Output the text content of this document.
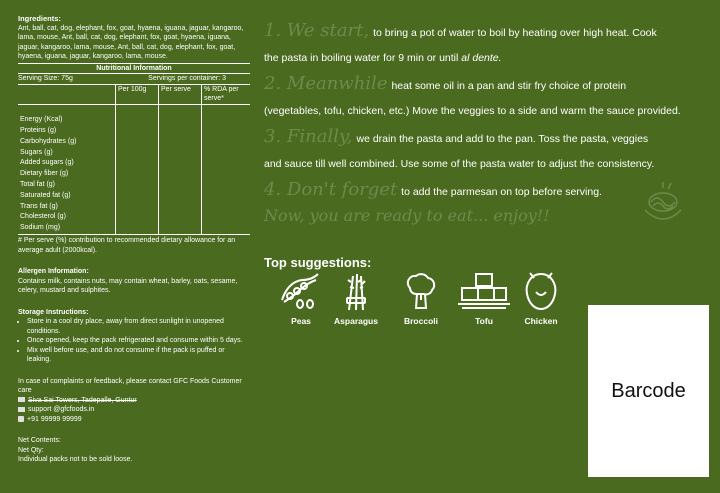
Ingredients:

Ant, ball, cat, dog, elephant, fox, goat, hyaena, iguana, jaguar, kangaroo, lama, mouse, Ant, ball, cat, dog, elephant, fox, goat, hyaena, iguana, jaguar, kangaroo, lama, mouse, Ant, ball, cat, dog, elephant, fox, goat, hyaena, iguana, jaguar, kangaroo, lama, mouse.

Nutritional Information
Serving Size: 75g	Servings per container: 3
	Per 100g	Per serve	% RDA per serve*

Energy (Kcal)			
Proteins (g)			
Carbohydrates (g)			
Sugars (g)			
Added sugars (g)			
Dietary fiber (g)			
Total fat (g)			
Saturated fat (g)			
Trans fat (g)			
Cholesterol (g)			
Sodium (mg)			
# Per serve (%) contribution to recommended dietary allowance for an average adult (2000kcal).
Allergen Information:
Contains milk, contains nuts, may contain wheat, barley, oats, sesame, celery, mustard and sulphites.
Storage Instructions:
• Store in a cool dry place, away from direct sunlight in unopened conditions.
• Once opened, keep the pack refrigerated and consume within 5 days.
• Mix well before use, and do not consume if the pack is puffed or leaking.
In case of complaints or feedback, please contact GFC Foods Customer care
Siva Sai Towers, Tadepalle, Guntur
support @gfcfoods.in
+91 99999 99999
Net Contents:
Net Qty:
Individual packs not to be sold loose.
1. We start, to bring a pot of water to boil by heating over high heat. Cook
the pasta in boiling water for 9 min or until al dente.
2. Meanwhile heat some oil in a pan and stir fry choice of protein
(vegetables, tofu, chicken, etc.) Move the veggies to a side and warm the sauce provided.
3. Finally, we drain the pasta and add to the pan. Toss the pasta, veggies
and sauce till well combined. Use some of the pasta water to adjust the consistency.
4. Don't forget to add the parmesan on top before serving.
Now, you are ready to eat... enjoy!!
Top suggestions:
Peas	Asparagus	Broccoli	Tofu	Chicken
Barcode
